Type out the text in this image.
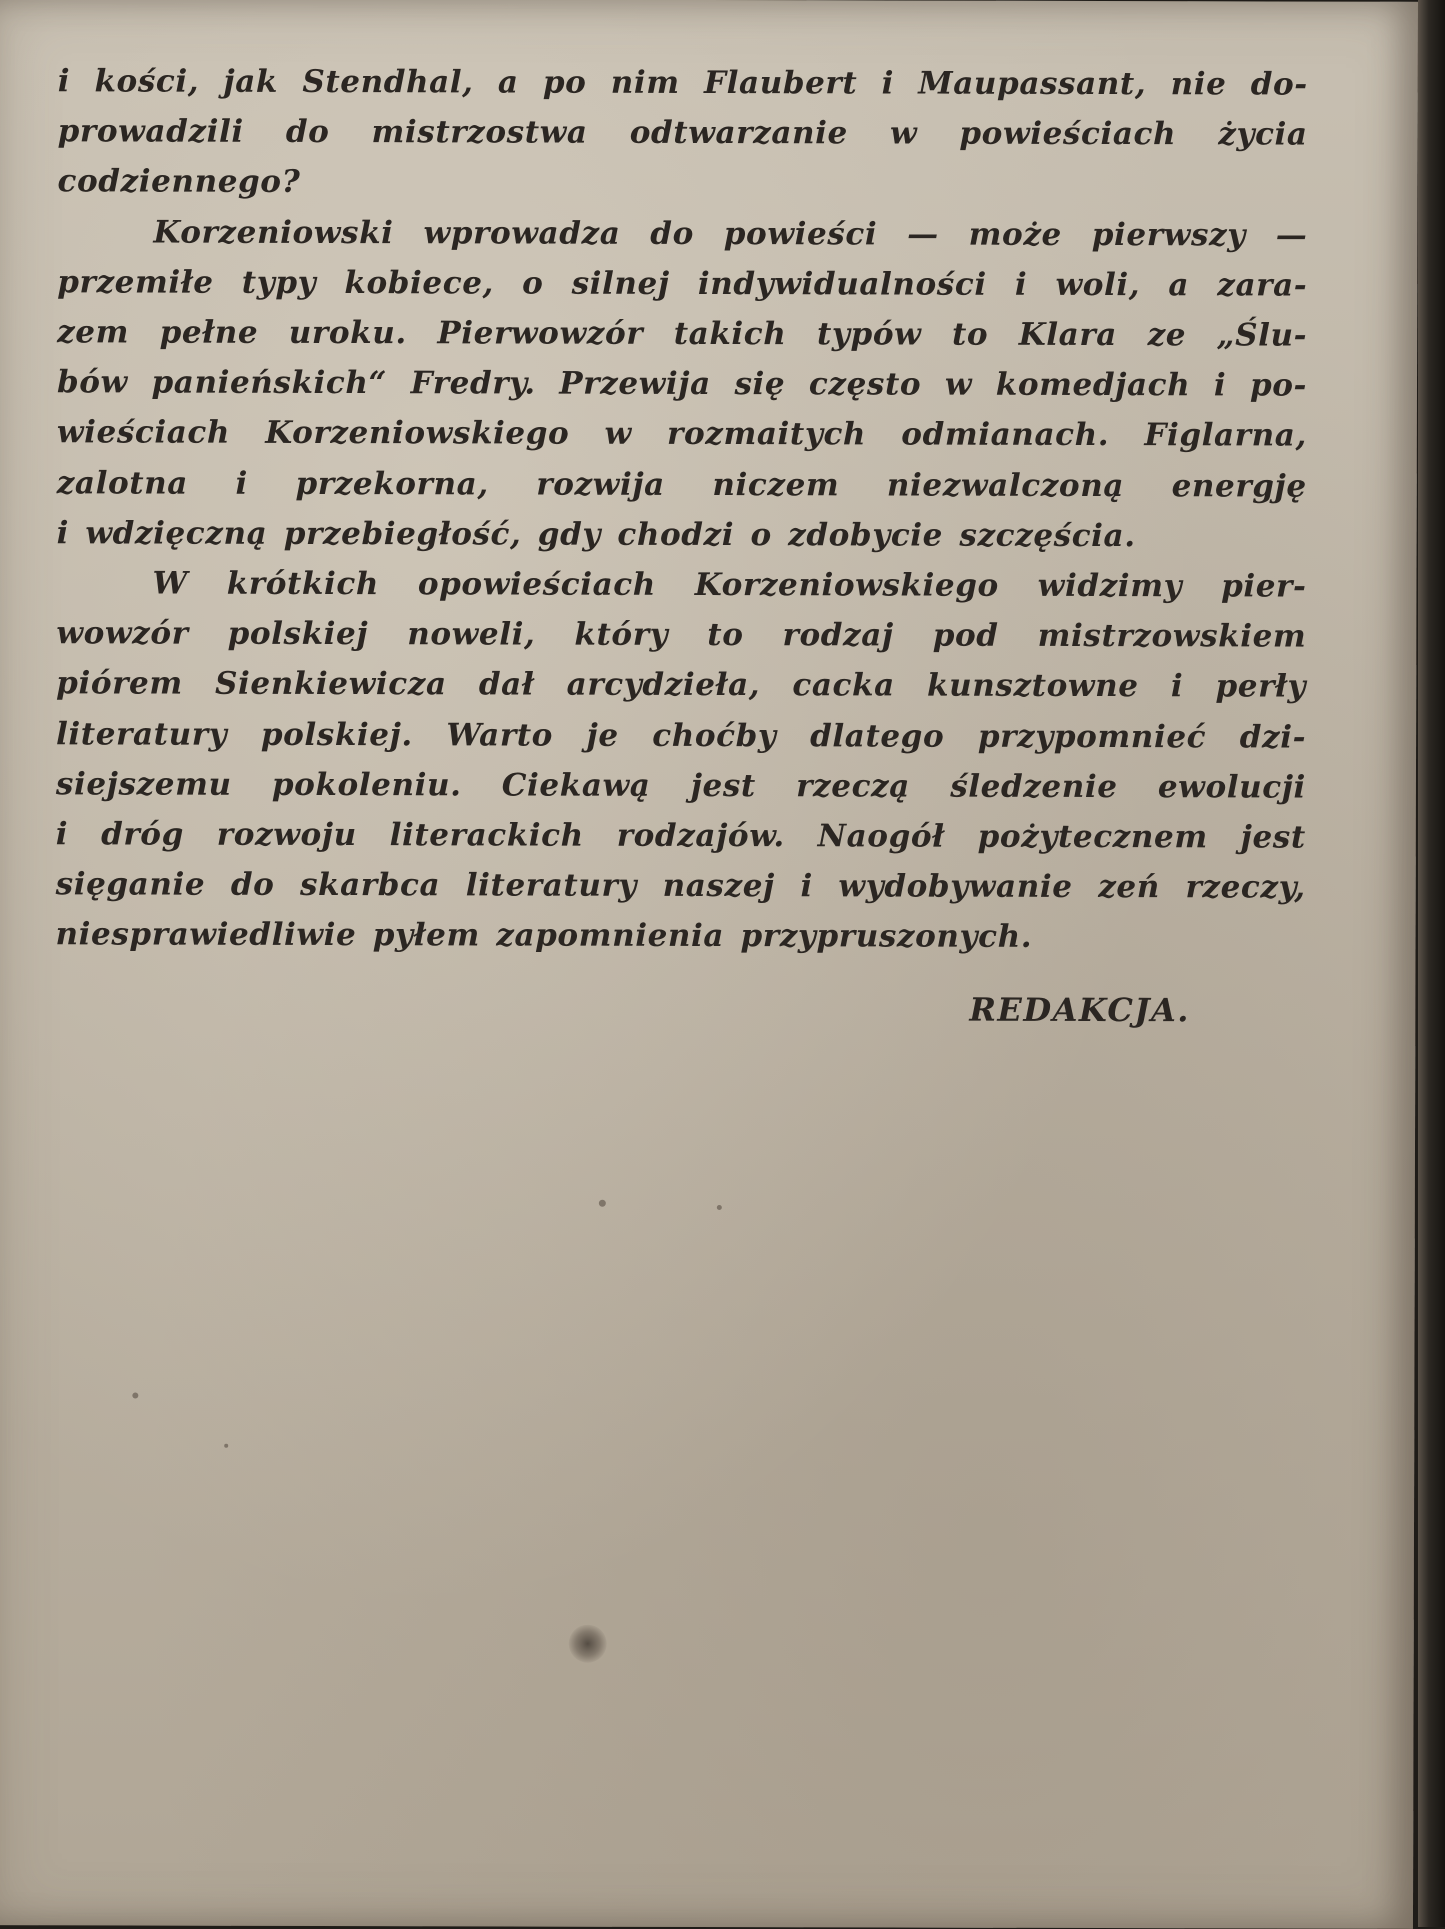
i kości, jak Stendhal, a po nim Flaubert i Maupassant, nie do-
prowadzili do mistrzostwa odtwarzanie w powieściach życia
codziennego?
Korzeniowski wprowadza do powieści — może pierwszy —
przemiłe typy kobiece, o silnej indywidualności i woli, a zara-
zem pełne uroku. Pierwowzór takich typów to Klara ze „Ślu-
bów panieńskich“ Fredry. Przewija się często w komedjach i po-
wieściach Korzeniowskiego w rozmaitych odmianach. Figlarna,
zalotna i przekorna, rozwija niczem niezwalczoną energję
i wdzięczną przebiegłość, gdy chodzi o zdobycie szczęścia.
W krótkich opowieściach Korzeniowskiego widzimy pier-
wowzór polskiej noweli, który to rodzaj pod mistrzowskiem
piórem Sienkiewicza dał arcydzieła, cacka kunsztowne i perły
literatury polskiej. Warto je choćby dlatego przypomnieć dzi-
siejszemu pokoleniu. Ciekawą jest rzeczą śledzenie ewolucji
i dróg rozwoju literackich rodzajów. Naogół pożytecznem jest
sięganie do skarbca literatury naszej i wydobywanie zeń rzeczy,
niesprawiedliwie pyłem zapomnienia przypruszonych.
REDAKCJA.
